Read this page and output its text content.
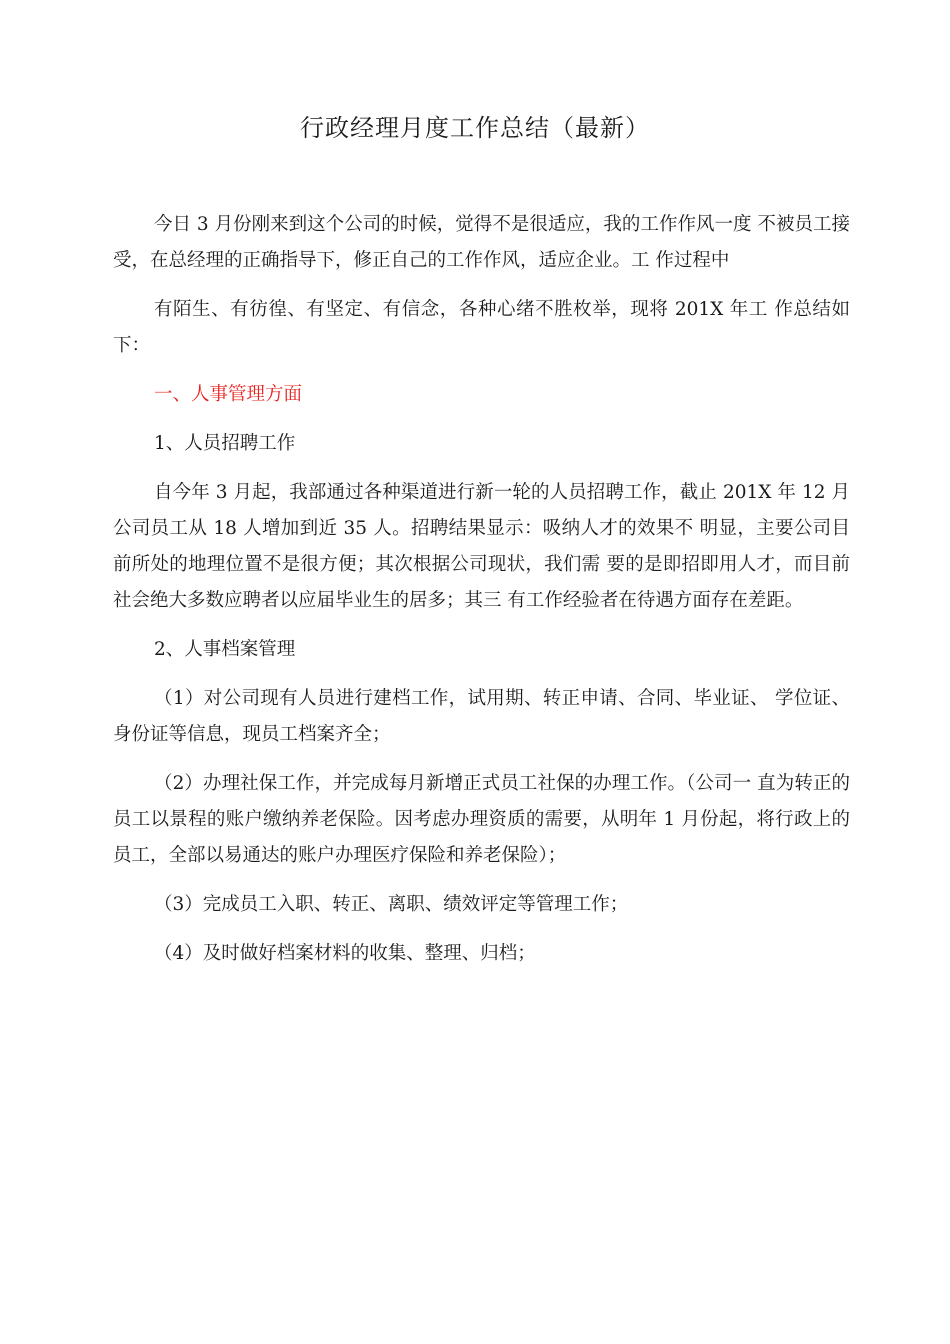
行政经理月度工作总结（最新）

今日 3 月份刚来到这个公司的时候，觉得不是很适应，我的工作作风一度 不被员工接受，在总经理的正确指导下，修正自己的工作作风，适应企业。工 作过程中

有陌生、有彷徨、有坚定、有信念，各种心绪不胜枚举，现将 201X 年工 作总结如下：

一、人事管理方面

1、人员招聘工作

自今年 3 月起，我部通过各种渠道进行新一轮的人员招聘工作，截止 201X 年 12 月公司员工从 18 人增加到近 35 人。招聘结果显示：吸纳人才的效果不 明显，主要公司目前所处的地理位置不是很方便；其次根据公司现状，我们需 要的是即招即用人才，而目前社会绝大多数应聘者以应届毕业生的居多；其三 有工作经验者在待遇方面存在差距。

2、人事档案管理

（1）对公司现有人员进行建档工作，试用期、转正申请、合同、毕业证、 学位证、身份证等信息，现员工档案齐全；

（2）办理社保工作，并完成每月新增正式员工社保的办理工作。（公司一 直为转正的员工以景程的账户缴纳养老保险。因考虑办理资质的需要，从明年 1 月份起，将行政上的员工，全部以易通达的账户办理医疗保险和养老保险）；

（3）完成员工入职、转正、离职、绩效评定等管理工作；

（4）及时做好档案材料的收集、整理、归档；
